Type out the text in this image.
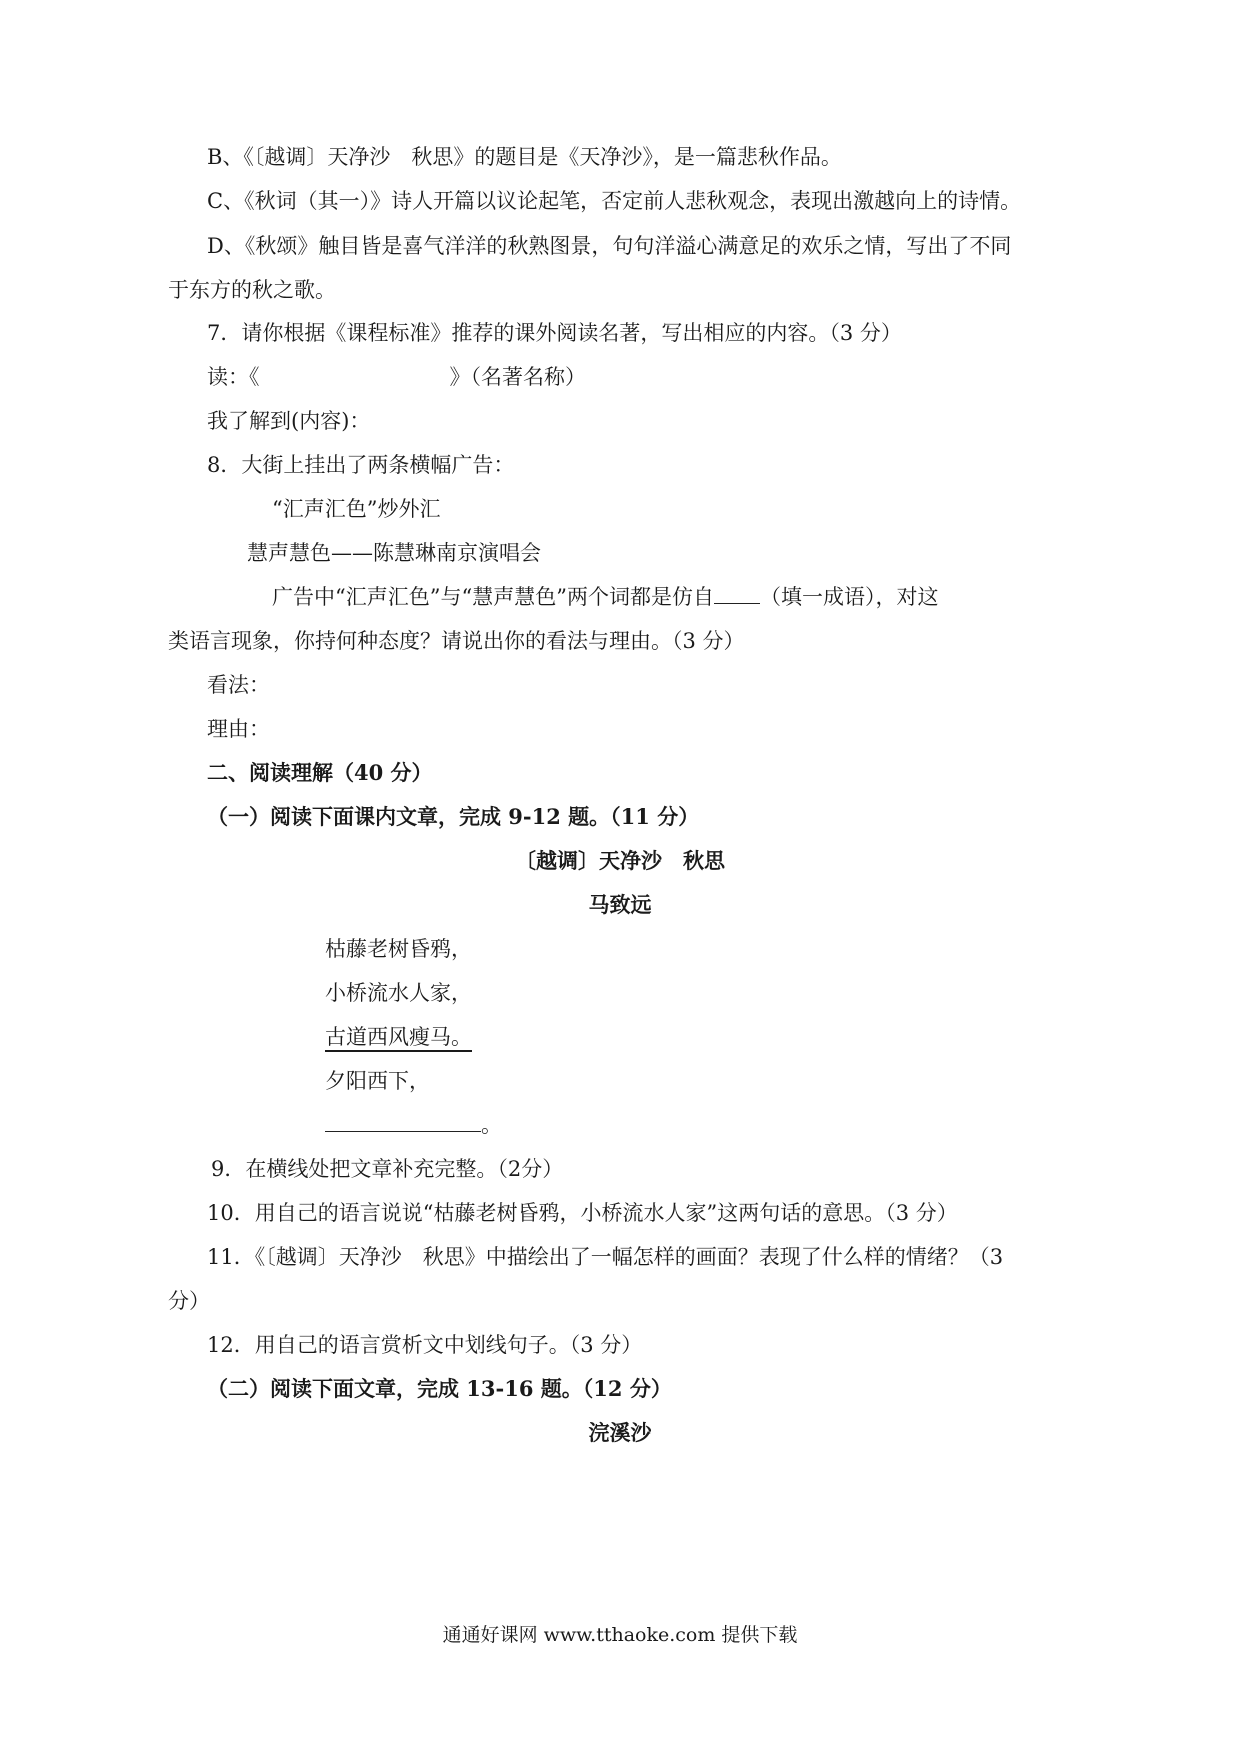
B、《〔越调〕天净沙　秋思》的题目是《天净沙》，是一篇悲秋作品。
C、《秋词（其一）》诗人开篇以议论起笔，否定前人悲秋观念，表现出激越向上的诗情。
D、《秋颂》触目皆是喜气洋洋的秋熟图景，句句洋溢心满意足的欢乐之情，写出了不同
于东方的秋之歌。
7．请你根据《课程标准》推荐的课外阅读名著，写出相应的内容。（3 分）
读：《	》（名著名称）
我了解到(内容)：
8．大街上挂出了两条横幅广告：
“汇声汇色”炒外汇
慧声慧色——陈慧琳南京演唱会
广告中“汇声汇色”与“慧声慧色”两个词都是仿自 （填一成语），对这
类语言现象，你持何种态度？请说出你的看法与理由。（3 分）
看法：
理由：
二、阅读理解（40 分）
（一）阅读下面课内文章，完成 9-12 题。（11 分）
〔越调〕天净沙　秋思
马致远
枯藤老树昏鸦，
小桥流水人家，
古道西风瘦马。
夕阳西下，
。
9．在横线处把文章补充完整。（2分）
10．用自己的语言说说“枯藤老树昏鸦，小桥流水人家”这两句话的意思。（3 分）
11．《〔越调〕天净沙　秋思》中描绘出了一幅怎样的画面？表现了什么样的情绪？（3
分）
12．用自己的语言赏析文中划线句子。（3 分）
（二）阅读下面文章，完成 13-16 题。（12 分）
浣溪沙
通通好课网 www.tthaoke.com 提供下载
